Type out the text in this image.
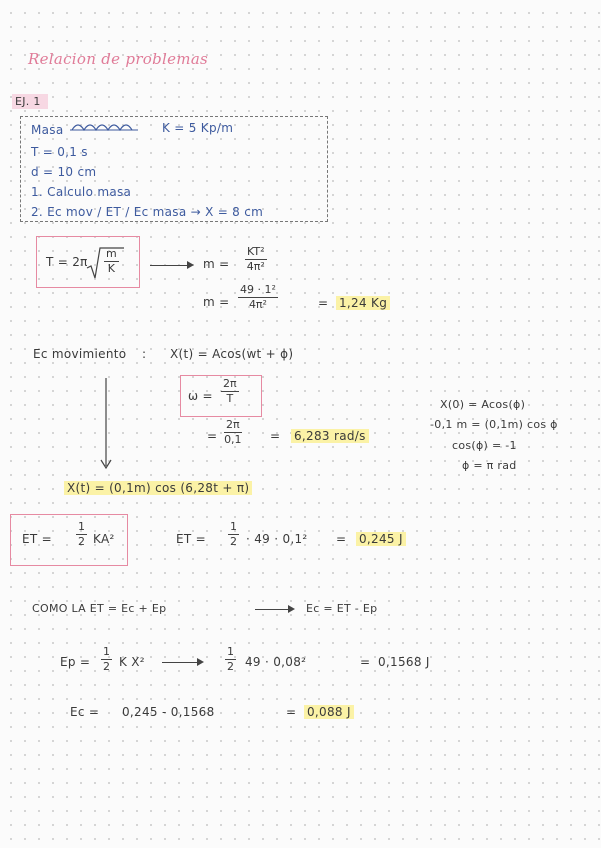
Relacion de problemas
EJ. 1
Masa	K = 5 Kp/m
T = 0,1 s
d = 10 cm
1. Calculo masa
2. Ec mov / ET / Ec masa → X = 8 cm
$T = 2\pi \frac{m}{K}$	$m = \frac{\text{KT²}}{\text{4π²}}$
$m = \frac{\text{49 · 1²}}{\text{4π²}}$	= 1,24 Kg
Ec movimiento : X(t) = Acos(wt + ϕ)
$\omega = \frac{2\pi}{T}$
= $\frac{2\pi}{0,1} = 6,283$ rad/s
X(0) = Acos(ϕ)
-0,1 m = (0,1m) cos ϕ
cos(ϕ) = -1
ϕ = π rad
X(t) = (0,1m) cos (6,28t + π)
ET = $\frac{1}{2} KA^2$	ET = $\frac{1}{2} \cdot 49 \cdot 0,1^2 = 0,245$ J
COMO LA ET = Ec + Ep	Ec = ET - Ep
$Ep = \frac{1}{2}$ K X²	$\frac{1}{2} 49 \cdot 0,08^2$	= 0,1568 J
Ec = 0,245 - 0,1568	= 0,088 J
